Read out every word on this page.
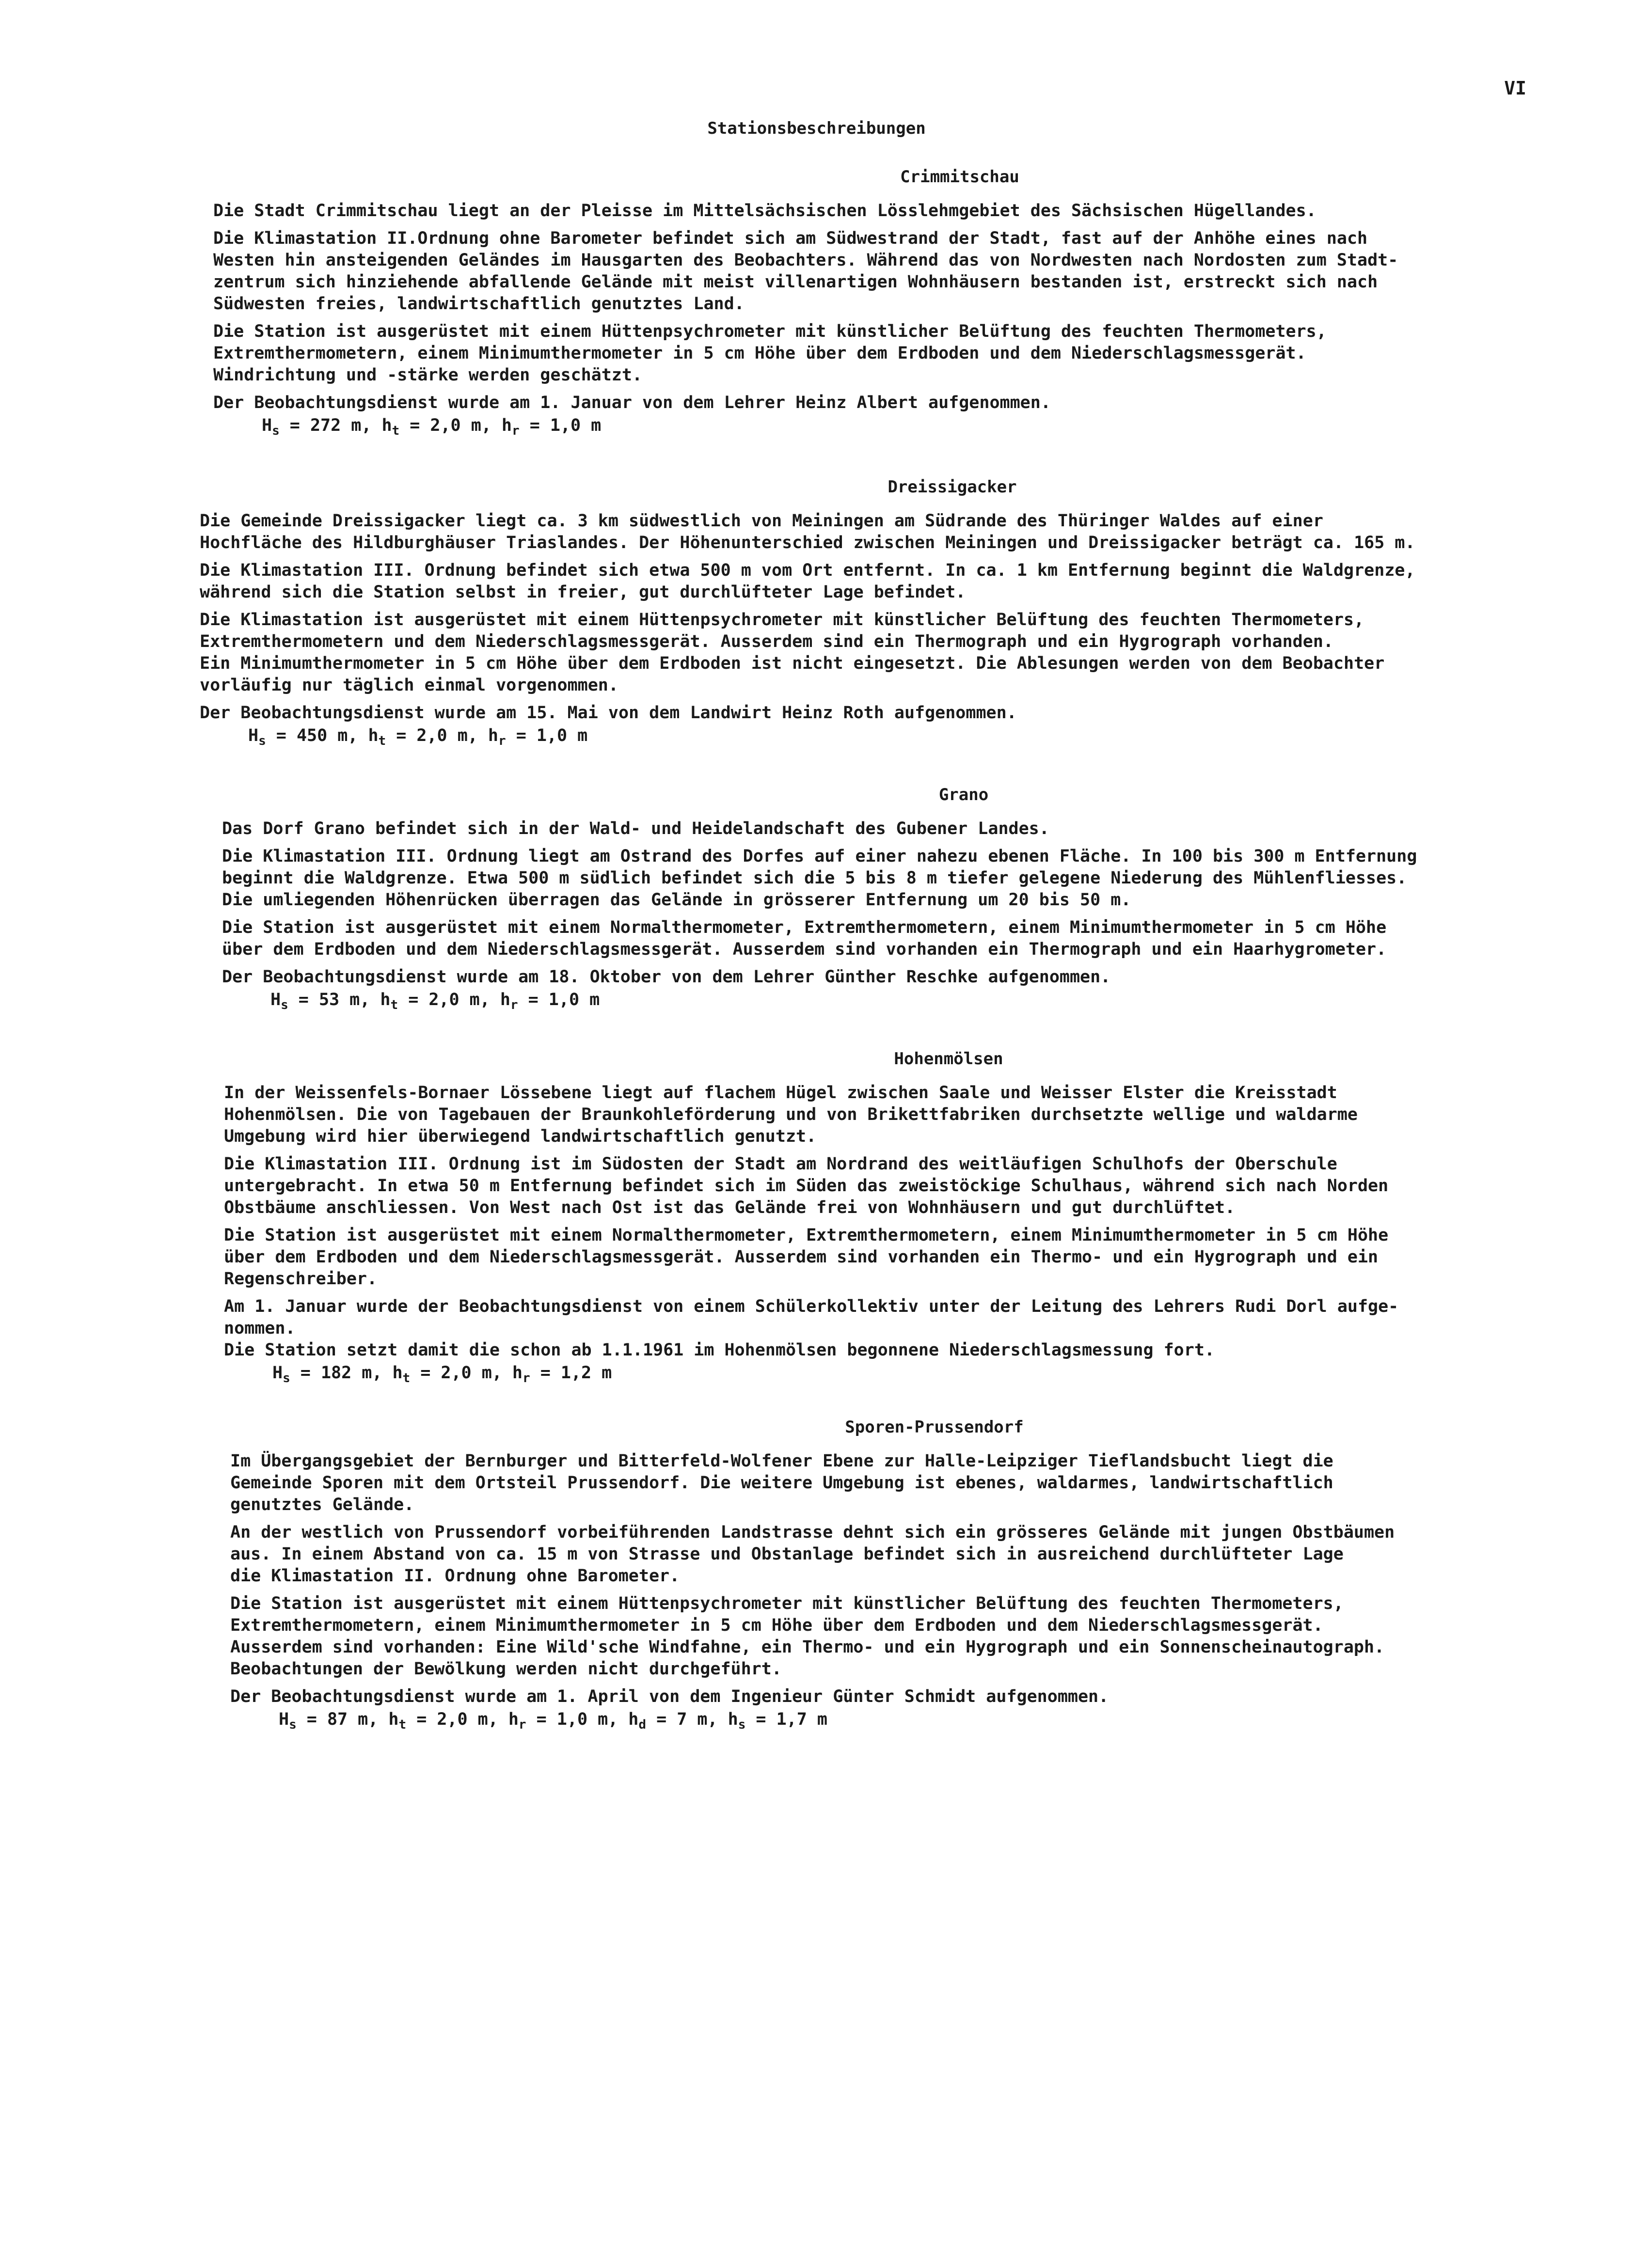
VI
Stationsbeschreibungen
Crimmitschau

Die Stadt Crimmitschau liegt an der Pleisse im Mittelsächsischen Lösslehmgebiet des Sächsischen Hügellandes.

Die Klimastation II.Ordnung ohne Barometer befindet sich am Südwestrand der Stadt, fast auf der Anhöhe eines nach
Westen hin ansteigenden Geländes im Hausgarten des Beobachters. Während das von Nordwesten nach Nordosten zum Stadt-
zentrum sich hinziehende abfallende Gelände mit meist villenartigen Wohnhäusern bestanden ist, erstreckt sich nach
Südwesten freies, landwirtschaftlich genutztes Land.

Die Station ist ausgerüstet mit einem Hüttenpsychrometer mit künstlicher Belüftung des feuchten Thermometers,
Extremthermometern, einem Minimumthermometer in 5 cm Höhe über dem Erdboden und dem Niederschlagsmessgerät.
Windrichtung und -stärke werden geschätzt.

Der Beobachtungsdienst wurde am 1. Januar von dem Lehrer Heinz Albert aufgenommen.

$H_s = 272$ m, $h_t = 2,0$ m, $h_r = 1,0$ m
Dreissigacker

Die Gemeinde Dreissigacker liegt ca. 3 km südwestlich von Meiningen am Südrande des Thüringer Waldes auf einer
Hochfläche des Hildburghäuser Triaslandes. Der Höhenunterschied zwischen Meiningen und Dreissigacker beträgt ca. 165 m.

Die Klimastation III. Ordnung befindet sich etwa 500 m vom Ort entfernt. In ca. 1 km Entfernung beginnt die Waldgrenze,
während sich die Station selbst in freier, gut durchlüfteter Lage befindet.

Die Klimastation ist ausgerüstet mit einem Hüttenpsychrometer mit künstlicher Belüftung des feuchten Thermometers,
Extremthermometern und dem Niederschlagsmessgerät. Ausserdem sind ein Thermograph und ein Hygrograph vorhanden.
Ein Minimumthermometer in 5 cm Höhe über dem Erdboden ist nicht eingesetzt. Die Ablesungen werden von dem Beobachter
vorläufig nur täglich einmal vorgenommen.

Der Beobachtungsdienst wurde am 15. Mai von dem Landwirt Heinz Roth aufgenommen.

$H_s = 450$ m, $h_t = 2,0$ m, $h_r = 1,0$ m
Grano

Das Dorf Grano befindet sich in der Wald- und Heidelandschaft des Gubener Landes.

Die Klimastation III. Ordnung liegt am Ostrand des Dorfes auf einer nahezu ebenen Fläche. In 100 bis 300 m Entfernung
beginnt die Waldgrenze. Etwa 500 m südlich befindet sich die 5 bis 8 m tiefer gelegene Niederung des Mühlenfliesses.
Die umliegenden Höhenrücken überragen das Gelände in grösserer Entfernung um 20 bis 50 m.

Die Station ist ausgerüstet mit einem Normalthermometer, Extremthermometern, einem Minimumthermometer in 5 cm Höhe
über dem Erdboden und dem Niederschlagsmessgerät. Ausserdem sind vorhanden ein Thermograph und ein Haarhygrometer.

Der Beobachtungsdienst wurde am 18. Oktober von dem Lehrer Günther Reschke aufgenommen.

$H_s = 53$ m, $h_t = 2,0$ m, $h_r = 1,0$ m
Hohenmölsen

In der Weissenfels-Bornaer Lössebene liegt auf flachem Hügel zwischen Saale und Weisser Elster die Kreisstadt
Hohenmölsen. Die von Tagebauen der Braunkohleförderung und von Brikettfabriken durchsetzte wellige und waldarme
Umgebung wird hier überwiegend landwirtschaftlich genutzt.

Die Klimastation III. Ordnung ist im Südosten der Stadt am Nordrand des weitläufigen Schulhofs der Oberschule
untergebracht. In etwa 50 m Entfernung befindet sich im Süden das zweistöckige Schulhaus, während sich nach Norden
Obstbäume anschliessen. Von West nach Ost ist das Gelände frei von Wohnhäusern und gut durchlüftet.

Die Station ist ausgerüstet mit einem Normalthermometer, Extremthermometern, einem Minimumthermometer in 5 cm Höhe
über dem Erdboden und dem Niederschlagsmessgerät. Ausserdem sind vorhanden ein Thermo- und ein Hygrograph und ein
Regenschreiber.

Am 1. Januar wurde der Beobachtungsdienst von einem Schülerkollektiv unter der Leitung des Lehrers Rudi Dorl aufge-
nommen.
Die Station setzt damit die schon ab 1.1.1961 im Hohenmölsen begonnene Niederschlagsmessung fort.

$H_s = 182$ m, $h_t = 2,0$ m, $h_r = 1,2$ m
Sporen-Prussendorf

Im Übergangsgebiet der Bernburger und Bitterfeld-Wolfener Ebene zur Halle-Leipziger Tieflandsbucht liegt die
Gemeinde Sporen mit dem Ortsteil Prussendorf. Die weitere Umgebung ist ebenes, waldarmes, landwirtschaftlich
genutztes Gelände.

An der westlich von Prussendorf vorbeiführenden Landstrasse dehnt sich ein grösseres Gelände mit jungen Obstbäumen
aus. In einem Abstand von ca. 15 m von Strasse und Obstanlage befindet sich in ausreichend durchlüfteter Lage
die Klimastation II. Ordnung ohne Barometer.

Die Station ist ausgerüstet mit einem Hüttenpsychrometer mit künstlicher Belüftung des feuchten Thermometers,
Extremthermometern, einem Minimumthermometer in 5 cm Höhe über dem Erdboden und dem Niederschlagsmessgerät.
Ausserdem sind vorhanden: Eine Wild'sche Windfahne, ein Thermo- und ein Hygrograph und ein Sonnenscheinautograph.
Beobachtungen der Bewölkung werden nicht durchgeführt.

Der Beobachtungsdienst wurde am 1. April von dem Ingenieur Günter Schmidt aufgenommen.

$H_s = 87$ m, $h_t = 2,0$ m, $h_r = 1,0$ m, $h_d = 7$ m, $h_s = 1,7$ m
